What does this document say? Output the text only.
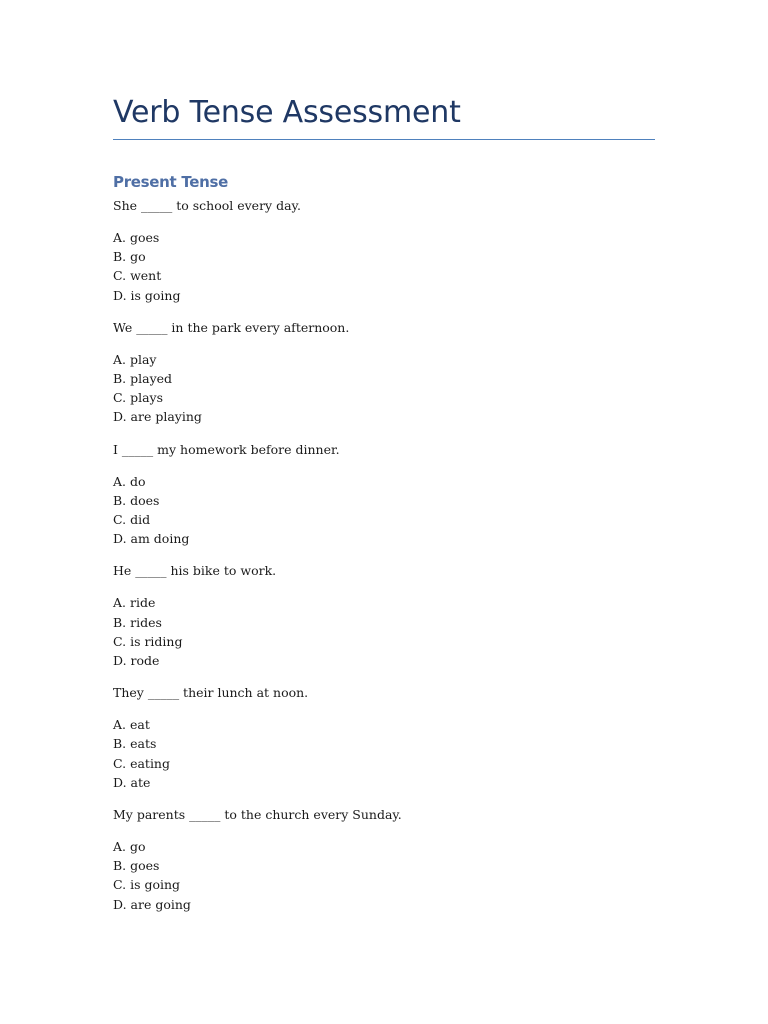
Verb Tense Assessment
Present Tense

She _____ to school every day.

A. goes
B. go
C. went
D. is going

We _____ in the park every afternoon.

A. play
B. played
C. plays
D. are playing

I _____ my homework before dinner.

A. do
B. does
C. did
D. am doing

He _____ his bike to work.

A. ride
B. rides
C. is riding
D. rode

They _____ their lunch at noon.

A. eat
B. eats
C. eating
D. ate

My parents _____ to the church every Sunday.

A. go
B. goes
C. is going
D. are going
